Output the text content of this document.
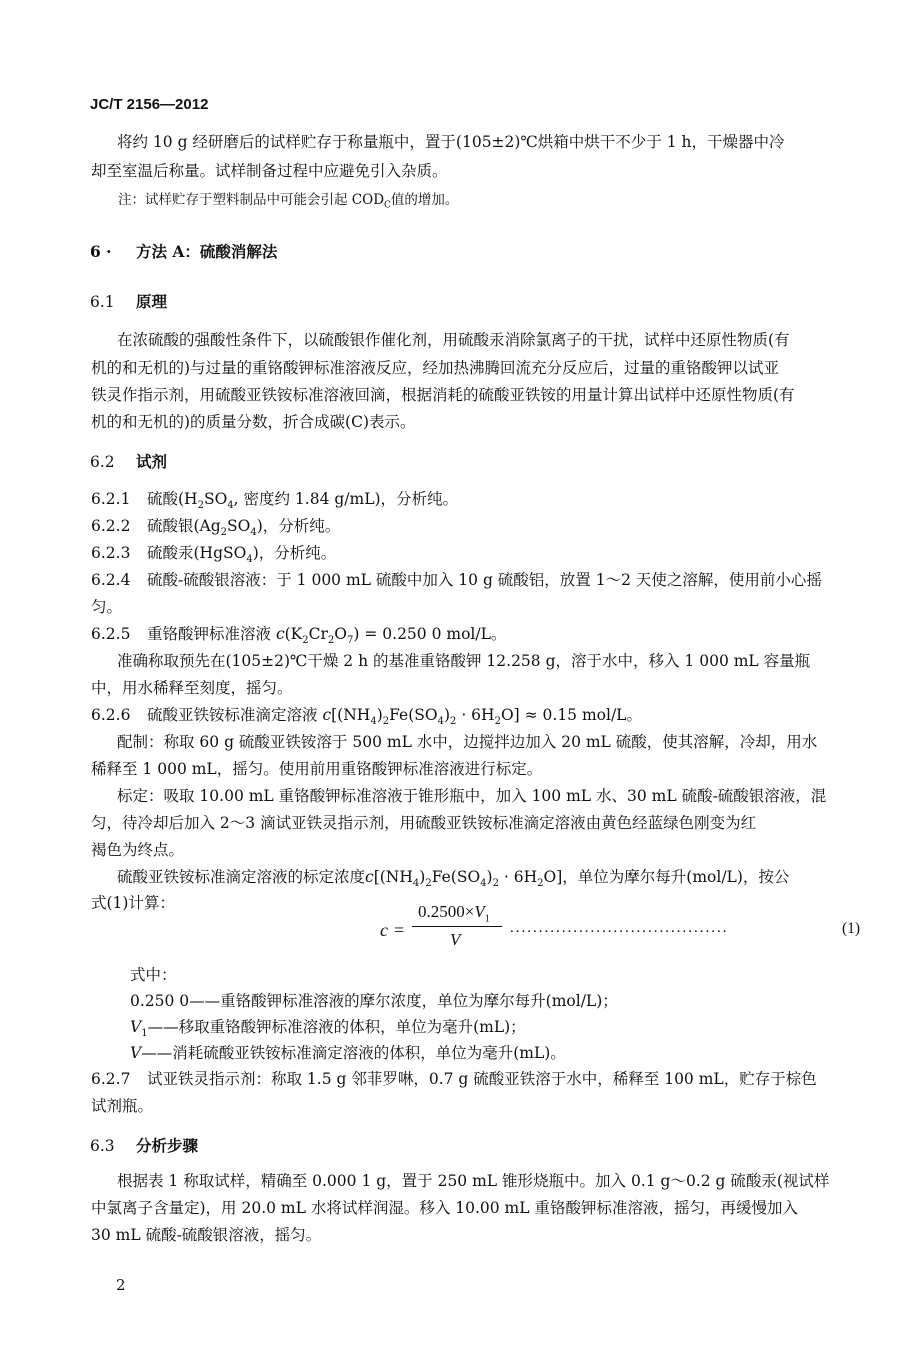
JC/T 2156—2012
将约 10 g 经研磨后的试样贮存于称量瓶中，置于(105±2)℃烘箱中烘干不少于 1 h，干燥器中冷
却至室温后称量。试样制备过程中应避免引入杂质。
注：试样贮存于塑料制品中可能会引起 $COD_C$值的增加。
6 · 方法 A：硫酸消解法
6.1 原理
在浓硫酸的强酸性条件下，以硫酸银作催化剂，用硫酸汞消除氯离子的干扰，试样中还原性物质(有
机的和无机的)与过量的重铬酸钾标准溶液反应，经加热沸腾回流充分反应后，过量的重铬酸钾以试亚
铁灵作指示剂，用硫酸亚铁铵标准溶液回滴，根据消耗的硫酸亚铁铵的用量计算出试样中还原性物质(有
机的和无机的)的质量分数，折合成碳(C)表示。
6.2 试剂
6.2.1 硫酸($H_2SO_4$, 密度约 1.84 g/mL)，分析纯。
6.2.2 硫酸银$(Ag_2SO_4)$，分析纯。
6.2.3 硫酸汞(HgSO$_4$)，分析纯。
6.2.4 硫酸-硫酸银溶液：于 1 000 mL 硫酸中加入 10 g 硫酸铝，放置 1～2 天使之溶解，使用前小心摇
匀。
6.2.5 重铬酸钾标准溶液 $c(K_2Cr_2O_7) = 0.250$ 0 mol/L。
准确称取预先在(105±2)℃干燥 2 h 的基准重铬酸钾 12.258 g，溶于水中，移入 1 000 mL 容量瓶
中，用水稀释至刻度，摇匀。
6.2.6 硫酸亚铁铵标准滴定溶液 $c[(NH_4)_2Fe(SO_4)_2 \cdot 6H_2O] \approx 0.15$ mol/L。
配制：称取 60 g 硫酸亚铁铵溶于 500 mL 水中，边搅拌边加入 20 mL 硫酸，使其溶解，冷却，用水
稀释至 1 000 mL，摇匀。使用前用重铬酸钾标准溶液进行标定。
标定：吸取 10.00 mL 重铬酸钾标准溶液于锥形瓶中，加入 100 mL 水、30 mL 硫酸-硫酸银溶液，混
匀，待冷却后加入 2～3 滴试亚铁灵指示剂，用硫酸亚铁铵标准滴定溶液由黄色经蓝绿色刚变为红
褐色为终点。
硫酸亚铁铵标准滴定溶液的标定浓度$c[(NH_4)_2Fe(SO_4)_2 \cdot 6H_2O]$，单位为摩尔每升(mol/L)，按公
式(1)计算：
c =
$0.2500\times V_1$
V
......................................	(1)
式中：
0.250 0——重铬酸钾标准溶液的摩尔浓度，单位为摩尔每升(mol/L)；
$V_1——$移取重铬酸钾标准溶液的体积，单位为毫升(mL)；
V——消耗硫酸亚铁铵标准滴定溶液的体积，单位为毫升(mL)。
6.2.7 试亚铁灵指示剂：称取 1.5 g 邻菲罗啉，0.7 g 硫酸亚铁溶于水中，稀释至 100 mL，贮存于棕色
试剂瓶。
6.3 分析步骤
根据表 1 称取试样，精确至 0.000 1 g，置于 250 mL 锥形烧瓶中。加入 0.1 g～0.2 g 硫酸汞(视试样
中氯离子含量定)，用 20.0 mL 水将试样润湿。移入 10.00 mL 重铬酸钾标准溶液，摇匀，再缓慢加入
30 mL 硫酸-硫酸银溶液，摇匀。
2
